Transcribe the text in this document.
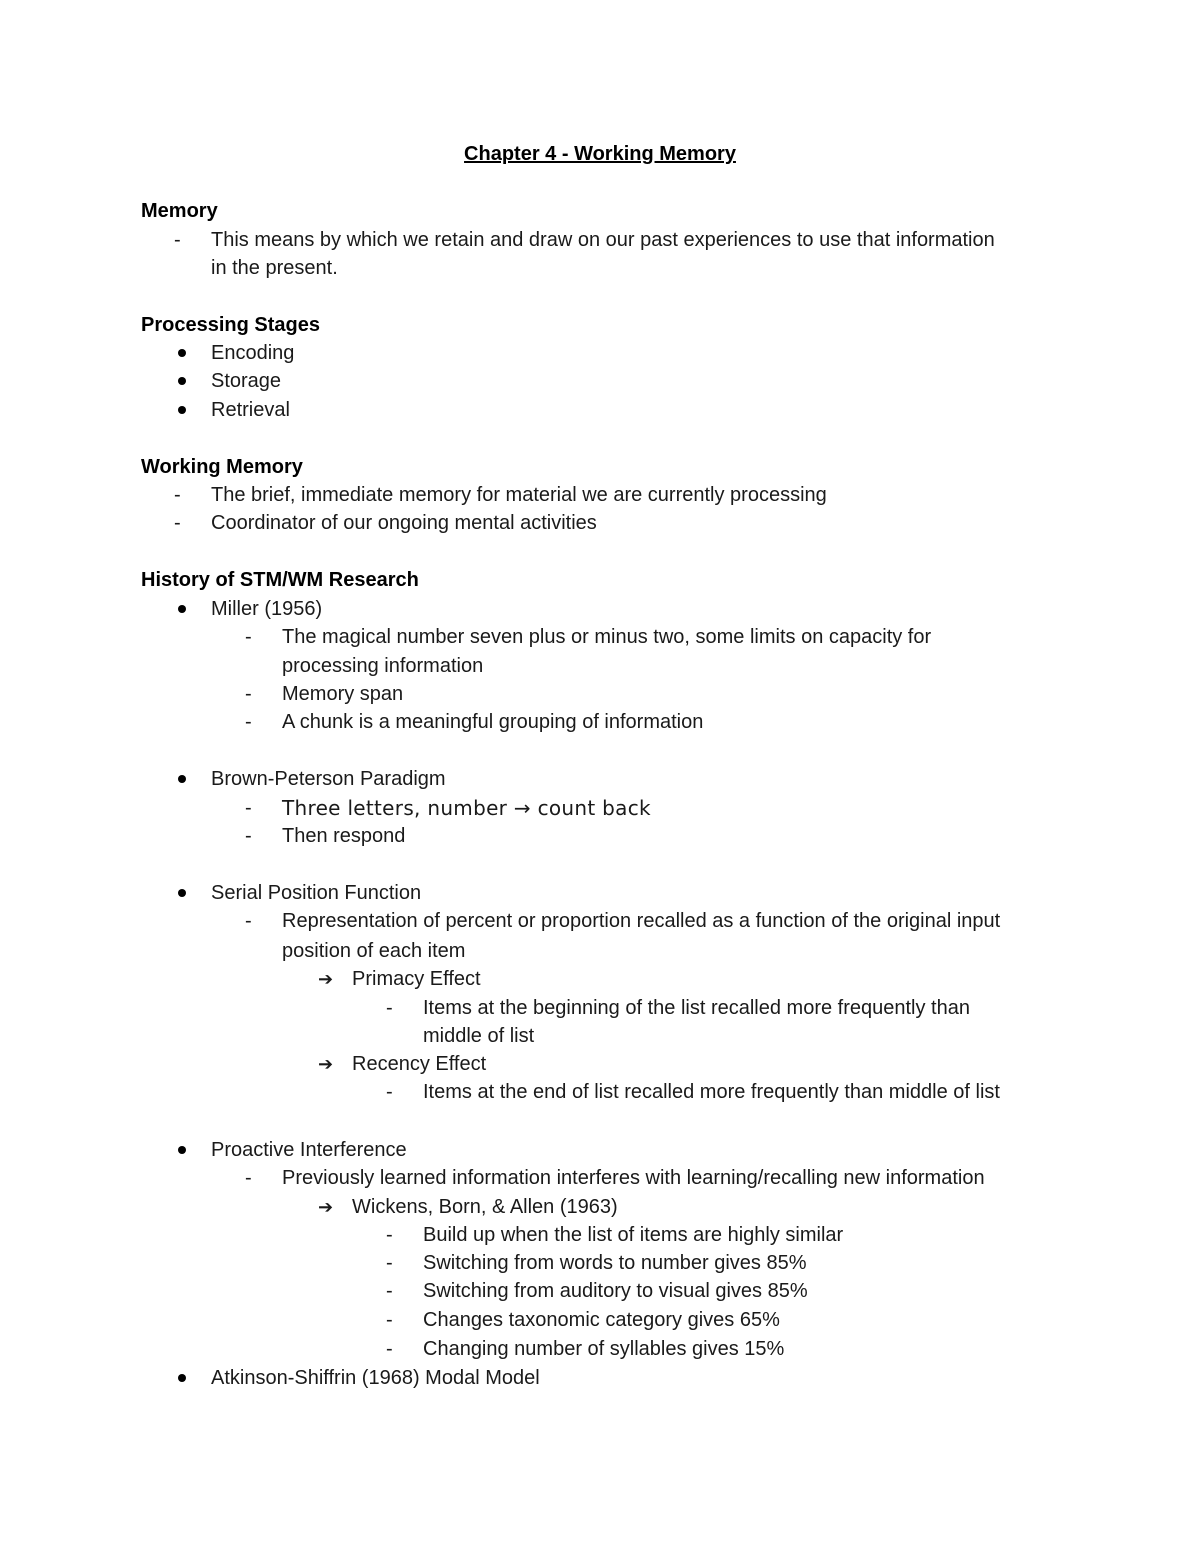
Chapter 4 - Working Memory
Memory
- This means by which we retain and draw on our past experiences to use that information
in the present.
Processing Stages
Encoding
Storage
Retrieval
Working Memory
- The brief, immediate memory for material we are currently processing
- Coordinator of our ongoing mental activities
History of STM/WM Research
Miller (1956)
- The magical number seven plus or minus two, some limits on capacity for
processing information
- Memory span
- A chunk is a meaningful grouping of information
Brown-Peterson Paradigm
- Three letters, number → count back
- Then respond
Serial Position Function
- Representation of percent or proportion recalled as a function of the original input
position of each item
➔ Primacy Effect
- Items at the beginning of the list recalled more frequently than
middle of list
➔ Recency Effect
- Items at the end of list recalled more frequently than middle of list
Proactive Interference
- Previously learned information interferes with learning/recalling new information
➔ Wickens, Born, & Allen (1963)
- Build up when the list of items are highly similar
- Switching from words to number gives 85%
- Switching from auditory to visual gives 85%
- Changes taxonomic category gives 65%
- Changing number of syllables gives 15%
Atkinson-Shiffrin (1968) Modal Model
